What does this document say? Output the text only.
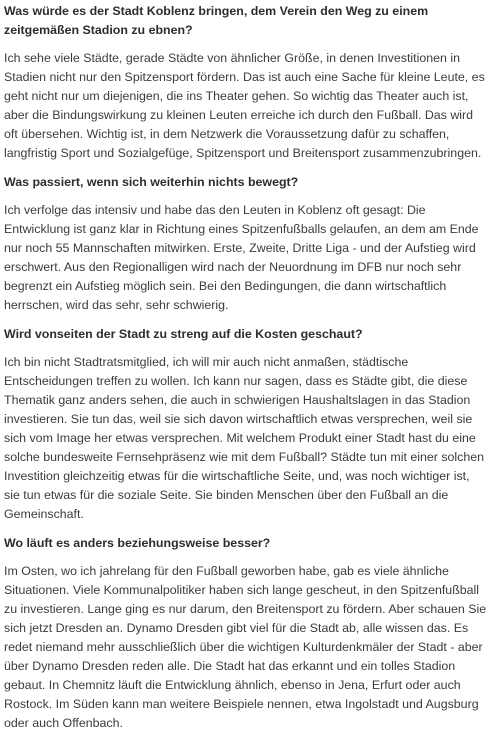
Was würde es der Stadt Koblenz bringen, dem Verein den Weg zu einem zeitgemäßen Stadion zu ebnen?

Ich sehe viele Städte, gerade Städte von ähnlicher Größe, in denen Investitionen in Stadien nicht nur den Spitzensport fördern. Das ist auch eine Sache für kleine Leute, es geht nicht nur um diejenigen, die ins Theater gehen. So wichtig das Theater auch ist, aber die Bindungswirkung zu kleinen Leuten erreiche ich durch den Fußball. Das wird oft übersehen. Wichtig ist, in dem Netzwerk die Voraussetzung dafür zu schaffen, langfristig Sport und Sozialgefüge, Spitzensport und Breitensport zusammenzubringen.

Was passiert, wenn sich weiterhin nichts bewegt?

Ich verfolge das intensiv und habe das den Leuten in Koblenz oft gesagt: Die Entwicklung ist ganz klar in Richtung eines Spitzenfußballs gelaufen, an dem am Ende nur noch 55 Mannschaften mitwirken. Erste, Zweite, Dritte Liga - und der Aufstieg wird erschwert. Aus den Regionalligen wird nach der Neuordnung im DFB nur noch sehr begrenzt ein Aufstieg möglich sein. Bei den Bedingungen, die dann wirtschaftlich herrschen, wird das sehr, sehr schwierig.

Wird vonseiten der Stadt zu streng auf die Kosten geschaut?

Ich bin nicht Stadtratsmitglied, ich will mir auch nicht anmaßen, städtische Entscheidungen treffen zu wollen. Ich kann nur sagen, dass es Städte gibt, die diese Thematik ganz anders sehen, die auch in schwierigen Haushaltslagen in das Stadion investieren. Sie tun das, weil sie sich davon wirtschaftlich etwas versprechen, weil sie sich vom Image her etwas versprechen. Mit welchem Produkt einer Stadt hast du eine solche bundesweite Fernsehpräsenz wie mit dem Fußball? Städte tun mit einer solchen Investition gleichzeitig etwas für die wirtschaftliche Seite, und, was noch wichtiger ist, sie tun etwas für die soziale Seite. Sie binden Menschen über den Fußball an die Gemeinschaft.

Wo läuft es anders beziehungsweise besser?

Im Osten, wo ich jahrelang für den Fußball geworben habe, gab es viele ähnliche Situationen. Viele Kommunalpolitiker haben sich lange gescheut, in den Spitzenfußball zu investieren. Lange ging es nur darum, den Breitensport zu fördern. Aber schauen Sie sich jetzt Dresden an. Dynamo Dresden gibt viel für die Stadt ab, alle wissen das. Es redet niemand mehr ausschließlich über die wichtigen Kulturdenkmäler der Stadt - aber über Dynamo Dresden reden alle. Die Stadt hat das erkannt und ein tolles Stadion gebaut. In Chemnitz läuft die Entwicklung ähnlich, ebenso in Jena, Erfurt oder auch Rostock. Im Süden kann man weitere Beispiele nennen, etwa Ingolstadt und Augsburg oder auch Offenbach.
